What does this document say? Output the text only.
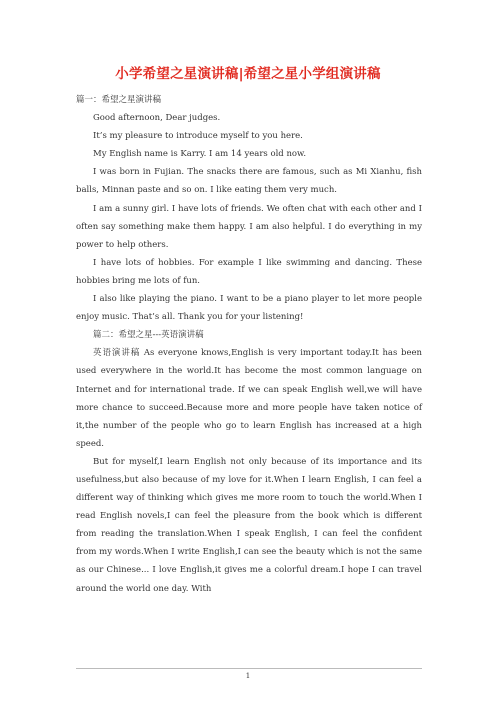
小学希望之星演讲稿|希望之星小学组演讲稿

篇一：希望之星演讲稿

Good afternoon, Dear judges.

It’s my pleasure to introduce myself to you here.

My English name is Karry. I am 14 years old now.

I was born in Fujian. The snacks there are famous, such as Mi Xianhu, fish balls, Minnan paste and so on. I like eating them very much.

I am a sunny girl. I have lots of friends. We often chat with each other and I often say something make them happy. I am also helpful. I do everything in my power to help others.

I have lots of hobbies. For example I like swimming and dancing. These hobbies bring me lots of fun.

I also like playing the piano. I want to be a piano player to let more people enjoy music. That’s all. Thank you for your listening!

篇二：希望之星---英语演讲稿

英语演讲稿 As everyone knows,English is very important today.It has been used everywhere in the world.It has become the most common language on Internet and for international trade. If we can speak English well,we will have more chance to succeed.Because more and more people have taken notice of it,the number of the people who go to learn English has increased at a high speed.

But for myself,I learn English not only because of its importance and its usefulness,but also because of my love for it.When I learn English, I can feel a different way of thinking which gives me more room to touch the world.When I read English novels,I can feel the pleasure from the book which is different from reading the translation.When I speak English, I can feel the confident from my words.When I write English,I can see the beauty which is not the same as our Chinese... I love English,it gives me a colorful dream.I hope I can travel around the world one day. With

1
